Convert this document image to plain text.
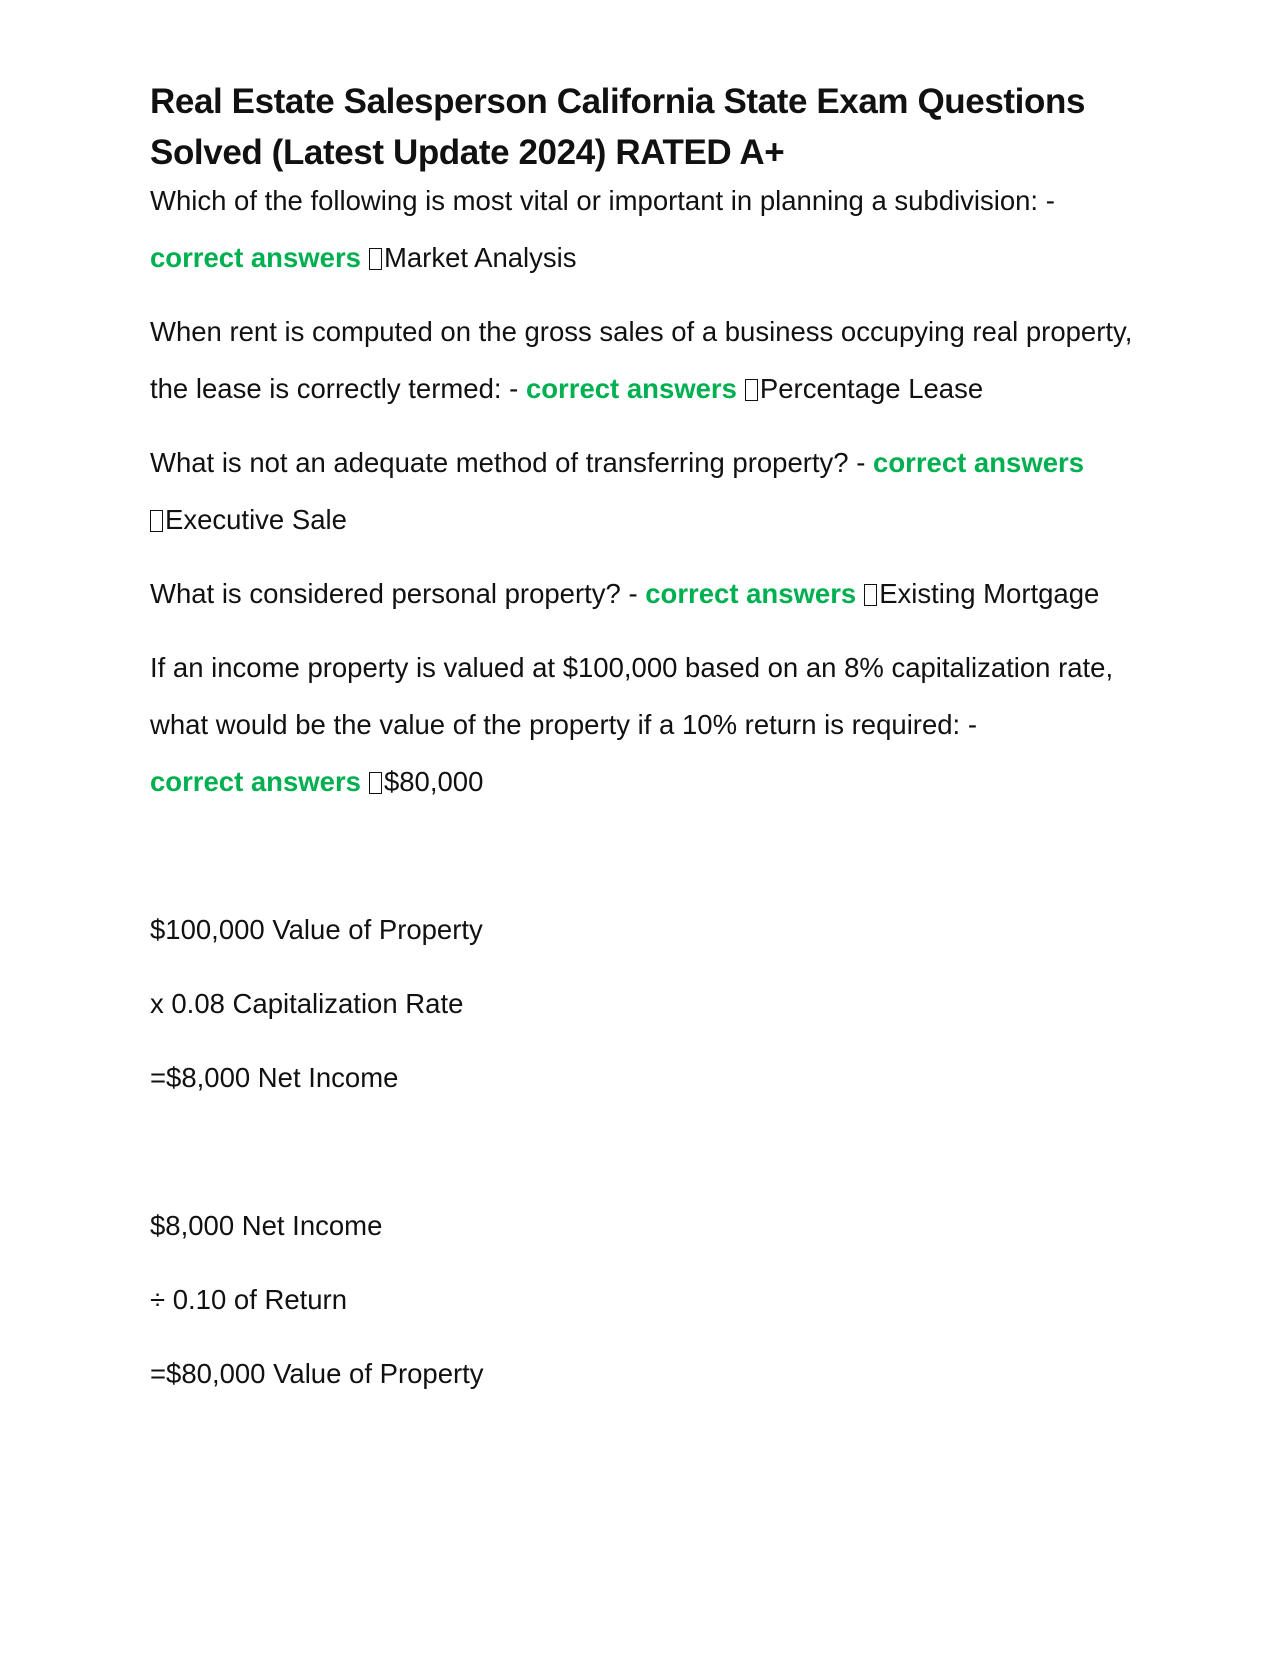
Real Estate Salesperson California State Exam Questions Solved (Latest Update 2024) RATED A+

Which of the following is most vital or important in planning a subdivision: - correct answers Market Analysis

When rent is computed on the gross sales of a business occupying real property, the lease is correctly termed: - correct answers Percentage Lease

What is not an adequate method of transferring property? - correct answers
Executive Sale

What is considered personal property? - correct answers Existing Mortgage

If an income property is valued at $100,000 based on an 8% capitalization rate, what would be the value of the property if a 10% return is required: -
correct answers $80,000

$100,000 Value of Property

x 0.08 Capitalization Rate

=$8,000 Net Income

$8,000 Net Income

÷ 0.10 of Return

=$80,000 Value of Property
